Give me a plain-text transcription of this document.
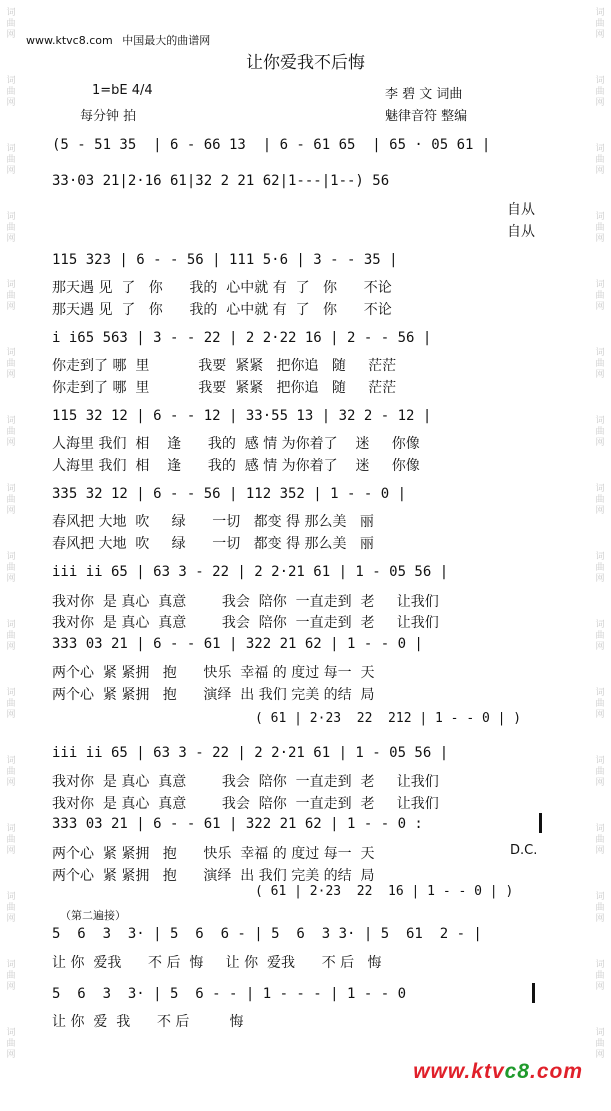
词
曲
网
词
曲
网
词
曲
网
词
曲
网
词
曲
网
词
曲
网
词
曲
网
词
曲
网
词
曲
网
词
曲
网
词
曲
网
词
曲
网
词
曲
网
词
曲
网
词
曲
网
词
曲
网
词
曲
网
词
曲
网
词
曲
网
词
曲
网
词
曲
网
词
曲
网
词
曲
网
词
曲
网
词
曲
网
词
曲
网
词
曲
网
词
曲
网
词
曲
网
词
曲
网
词
曲
网
词
曲
网
www.ktvc8.com 中国最大的曲谱网
让你爱我不后悔
1=bE 4/4
每分钟 拍
李 碧 文 词曲
魅律音符 整编
(5 - 51 35  | 6 - 66 13  | 6 - 61 65  | 65 · 05 61 |
33·03 21|2·16 61|32 2 21 62|1---|1--) 56
自从
自从
115 323 | 6 - - 56 | 111 5·6 | 3 - - 35 |
那天遇 见  了   你      我的  心中就 有  了   你      不论
那天遇 见  了   你      我的  心中就 有  了   你      不论
i i65 563 | 3 - - 22 | 2 2·22 16 | 2 - - 56 |
你走到了 哪  里           我要  紧紧   把你追   随     茫茫
你走到了 哪  里           我要  紧紧   把你追   随     茫茫
115 32 12 | 6 - - 12 | 33·55 13 | 32 2 - 12 |
人海里 我们  相    逢      我的  感 情 为你着了    迷     你像
人海里 我们  相    逢      我的  感 情 为你着了    迷     你像
335 32 12 | 6 - - 56 | 112 352 | 1 - - 0 |
春风把 大地  吹     绿      一切   都变 得 那么美   丽
春风把 大地  吹     绿      一切   都变 得 那么美   丽
iii ii 65 | 63 3 - 22 | 2 2·21 61 | 1 - 05 56 |
我对你  是 真心  真意        我会  陪你  一直走到  老     让我们
我对你  是 真心  真意        我会  陪你  一直走到  老     让我们
333 03 21 | 6 - - 61 | 322 21 62 | 1 - - 0 |
两个心  紧 紧拥   抱      快乐  幸福 的 度过 每一  天
两个心  紧 紧拥   抱      演绎  出 我们 完美 的结  局
( 61 | 2·23  22  212 | 1 - - 0 | )
iii ii 65 | 63 3 - 22 | 2 2·21 61 | 1 - 05 56 |
我对你  是 真心  真意        我会  陪你  一直走到  老     让我们
我对你  是 真心  真意        我会  陪你  一直走到  老     让我们
333 03 21 | 6 - - 61 | 322 21 62 | 1 - - 0 :
两个心  紧 紧拥   抱      快乐  幸福 的 度过 每一  天
两个心  紧 紧拥   抱      演绎  出 我们 完美 的结  局
D.C.
( 61 | 2·23  22  16 | 1 - - 0 | )
（第二遍接）
5  6  3  3· | 5  6  6 - | 5  6  3 3· | 5  61  2 - |
让 你  爱我      不 后  悔     让 你  爱我      不 后   悔
5  6  3  3· | 5  6 - - | 1 - - - | 1 - - 0
让 你  爱  我      不 后         悔
www.ktvc8.com
